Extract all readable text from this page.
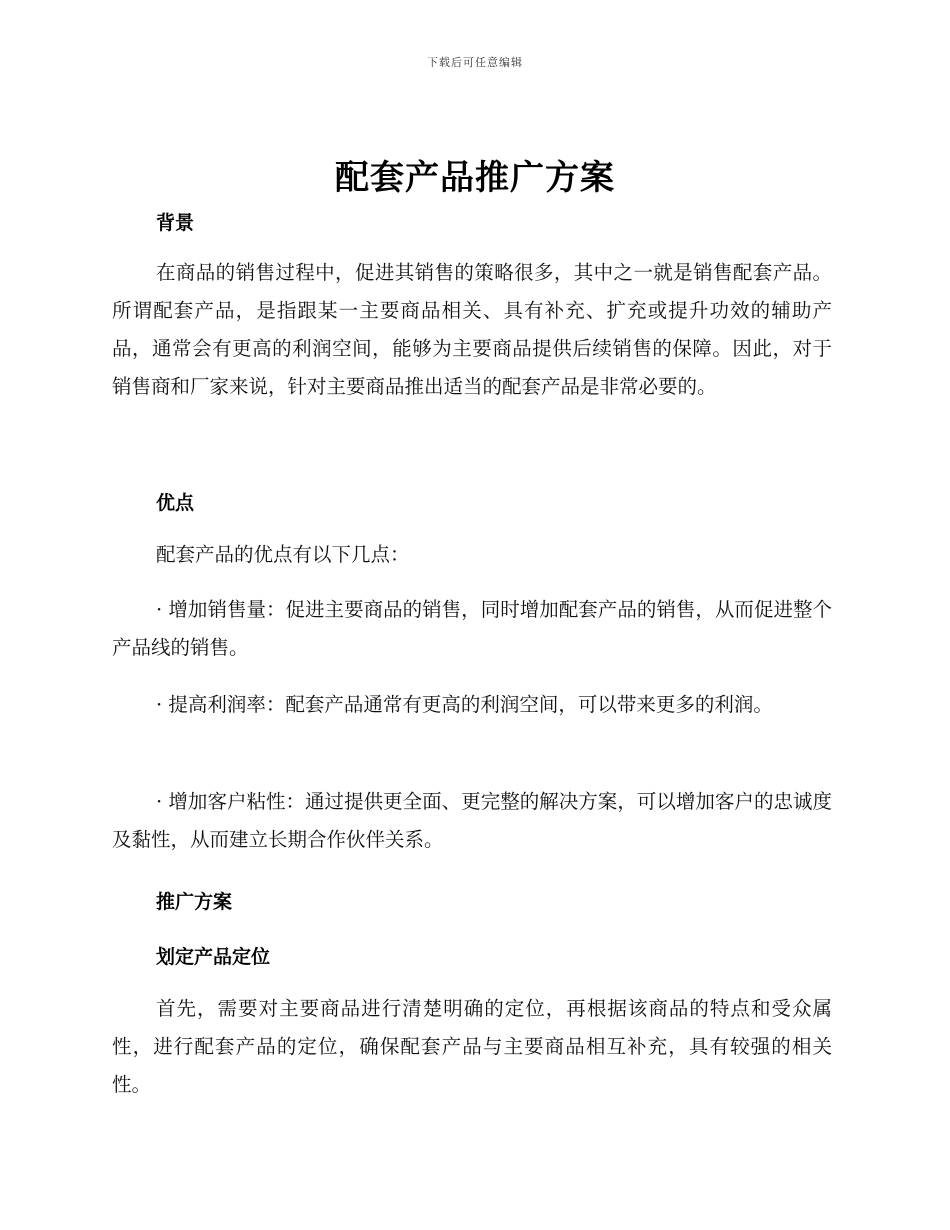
下载后可任意编辑
配套产品推广方案
背景

在商品的销售过程中，促进其销售的策略很多，其中之一就是销售配套产品。所谓配套产品，是指跟某一主要商品相关、具有补充、扩充或提升功效的辅助产品，通常会有更高的利润空间，能够为主要商品提供后续销售的保障。因此，对于销售商和厂家来说，针对主要商品推出适当的配套产品是非常必要的。

优点

配套产品的优点有以下几点：

· 增加销售量：促进主要商品的销售，同时增加配套产品的销售，从而促进整个产品线的销售。

· 提高利润率：配套产品通常有更高的利润空间，可以带来更多的利润。

· 增加客户粘性：通过提供更全面、更完整的解决方案，可以增加客户的忠诚度及黏性，从而建立长期合作伙伴关系。

推广方案
划定产品定位

首先，需要对主要商品进行清楚明确的定位，再根据该商品的特点和受众属性，进行配套产品的定位，确保配套产品与主要商品相互补充，具有较强的相关性。
